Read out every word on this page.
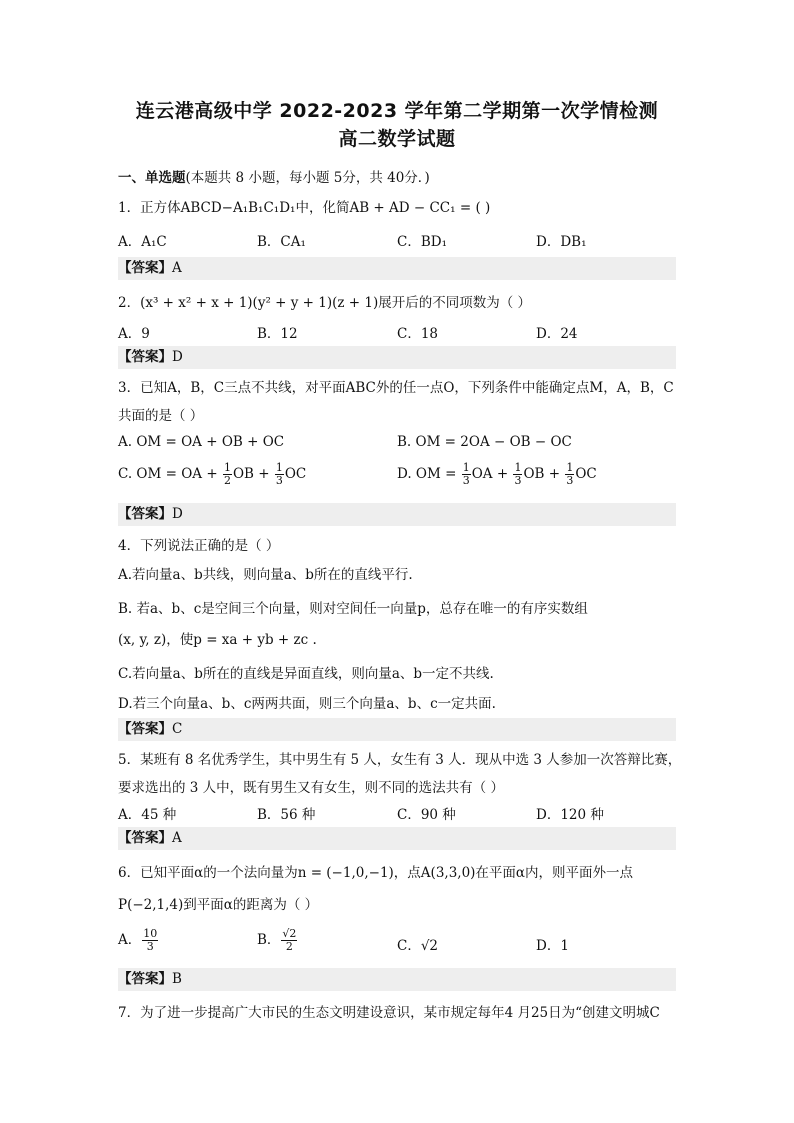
连云港高级中学 2022-2023 学年第二学期第一次学情检测
高二数学试题
一、单选题(本题共 8 小题，每小题 5分，共 40分．)
1．正方体ABCD−A₁B₁C₁D₁中，化简AB + AD − CC₁ = ( )
A．A₁C	B．CA₁	C．BD₁	D．DB₁
【答案】A
2．(x³ + x² + x + 1)(y² + y + 1)(z + 1)展开后的不同项数为（ ）
A．9	B．12	C．18	D．24
【答案】D
3．已知A，B，C三点不共线，对平面ABC外的任一点O，下列条件中能确定点M，A，B，C
共面的是（ ）
A. OM = OA + OB + OC	B. OM = 2OA − OB − OC
C. OM = OA + $\frac{1}{2}$ OB + $\frac{1}{3}$ OC	D. OM = $\frac{1}{3}$ OA + $\frac{1}{3}$ OB + $\frac{1}{3}$ OC
【答案】D
4．下列说法正确的是（ ）
A.若向量a、b共线，则向量a、b所在的直线平行.
B. 若a、b、c是空间三个向量，则对空间任一向量p，总存在唯一的有序实数组
(x, y, z)，使p = xa + yb + zc .
C.若向量a、b所在的直线是异面直线，则向量a、b一定不共线.
D.若三个向量a、b、c两两共面，则三个向量a、b、c一定共面.
【答案】C
5．某班有 8 名优秀学生，其中男生有 5 人，女生有 3 人．现从中选 3 人参加一次答辩比赛，
要求选出的 3 人中，既有男生又有女生，则不同的选法共有（ ）
A．45 种	B．56 种	C．90 种	D．120 种
【答案】A
6．已知平面α的一个法向量为n = (−1,0,−1)，点A(3,3,0)在平面α内，则平面外一点
P(−2,1,4)到平面α的距离为（ ）
A． $\frac{10}{3}$	B． $\frac{√2}{2}$	C．√2	D．1
【答案】B
7．为了进一步提高广大市民的生态文明建设意识，某市规定每年4 月25日为“创建文明城C
